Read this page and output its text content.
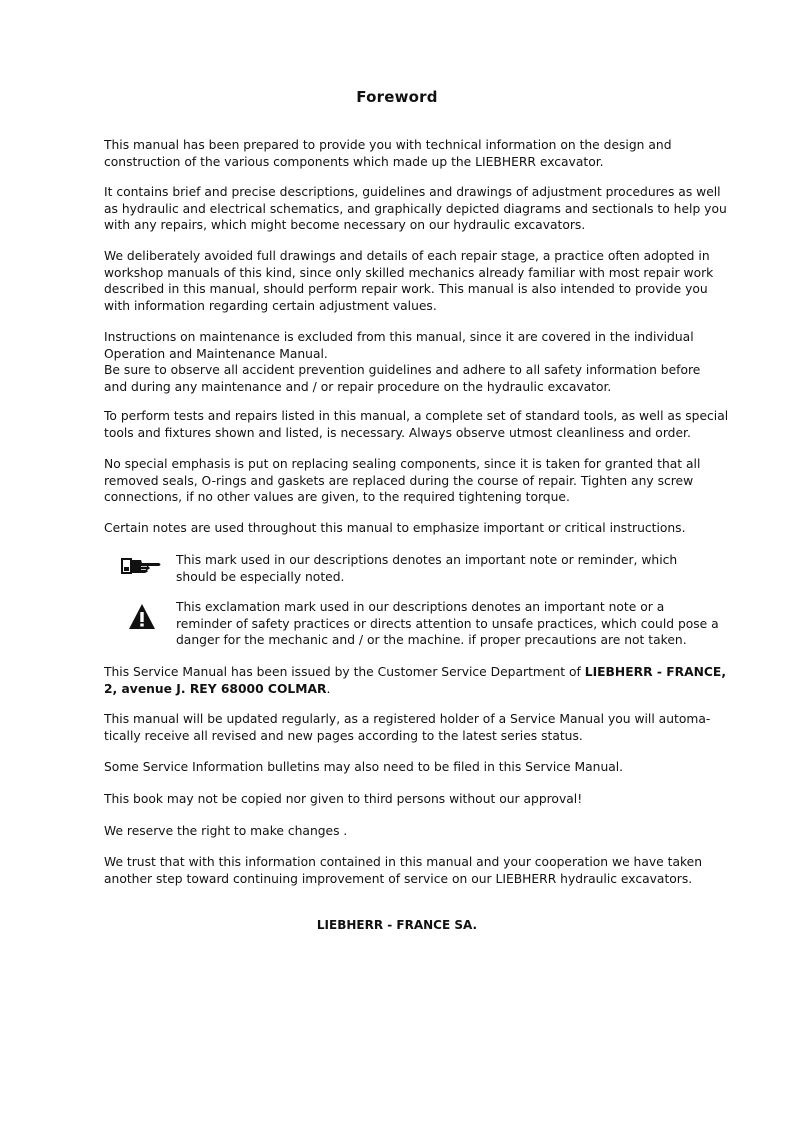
Foreword
This manual has been prepared to provide you with technical information on the design and
construction of the various components which made up the LIEBHERR excavator.
It contains brief and precise descriptions, guidelines and drawings of adjustment procedures as well
as hydraulic and electrical schematics, and graphically depicted diagrams and sectionals to help you
with any repairs, which might become necessary on our hydraulic excavators.
We deliberately avoided full drawings and details of each repair stage, a practice often adopted in
workshop manuals of this kind, since only skilled mechanics already familiar with most repair work
described in this manual, should perform repair work. This manual is also intended to provide you
with information regarding certain adjustment values.
Instructions on maintenance is excluded from this manual, since it are covered in the individual
Operation and Maintenance Manual.
Be sure to observe all accident prevention guidelines and adhere to all safety information before
and during any maintenance and / or repair procedure on the hydraulic excavator.
To perform tests and repairs listed in this manual, a complete set of standard tools, as well as special
tools and fixtures shown and listed, is necessary. Always observe utmost cleanliness and order.
No special emphasis is put on replacing sealing components, since it is taken for granted that all
removed seals, O-rings and gaskets are replaced during the course of repair. Tighten any screw
connections, if no other values are given, to the required tightening torque.
Certain notes are used throughout this manual to emphasize important or critical instructions.
This mark used in our descriptions denotes an important note or reminder, which
should be especially noted.
This exclamation mark used in our descriptions denotes an important note or a
reminder of safety practices or directs attention to unsafe practices, which could pose a
danger for the mechanic and / or the machine. if proper precautions are not taken.
This Service Manual has been issued by the Customer Service Department of LIEBHERR - FRANCE,
2, avenue J. REY 68000 COLMAR.
This manual will be updated regularly, as a registered holder of a Service Manual you will automa-
tically receive all revised and new pages according to the latest series status.
Some Service Information bulletins may also need to be filed in this Service Manual.
This book may not be copied nor given to third persons without our approval!
We reserve the right to make changes .
We trust that with this information contained in this manual and your cooperation we have taken
another step toward continuing improvement of service on our LIEBHERR hydraulic excavators.
LIEBHERR - FRANCE SA.
